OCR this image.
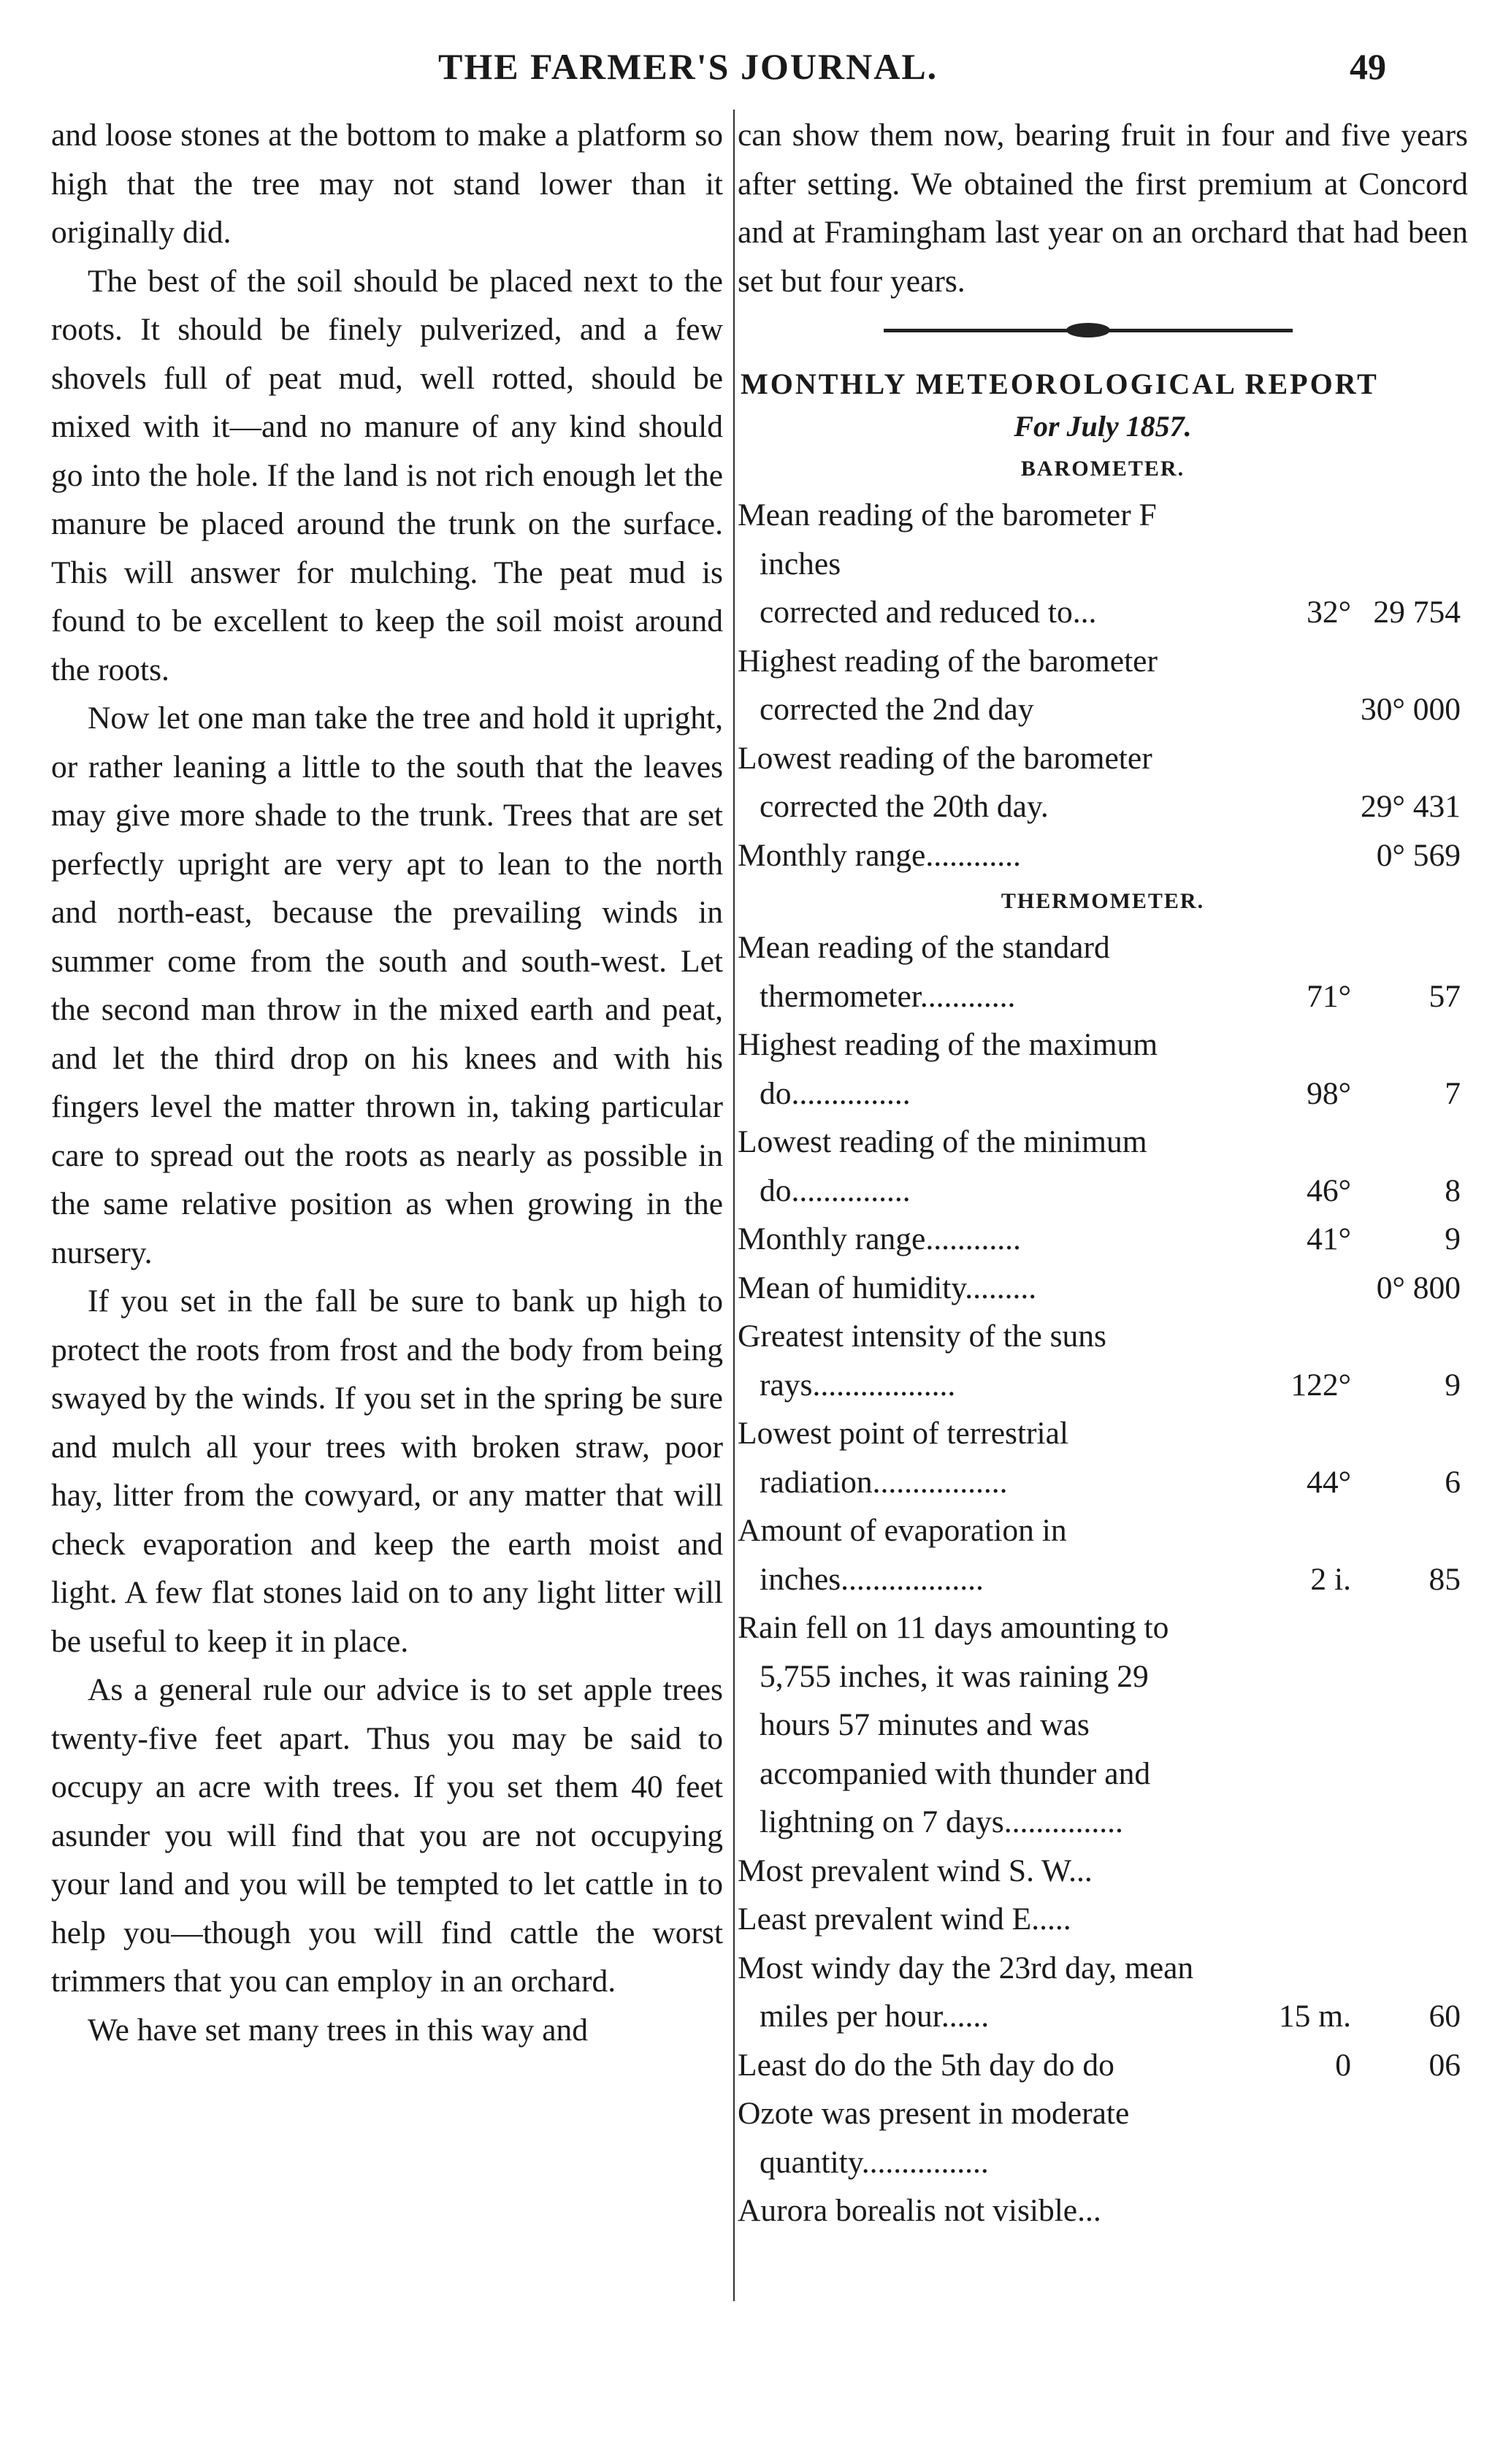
THE FARMER'S JOURNAL.	49

and loose stones at the bottom to make a platform so high that the tree may not stand lower than it originally did.

The best of the soil should be placed next to the roots. It should be finely pulverized, and a few shovels full of peat mud, well rotted, should be mixed with it—and no manure of any kind should go into the hole. If the land is not rich enough let the manure be placed around the trunk on the surface. This will answer for mulching. The peat mud is found to be excellent to keep the soil moist around the roots.

Now let one man take the tree and hold it upright, or rather leaning a little to the south that the leaves may give more shade to the trunk. Trees that are set perfectly upright are very apt to lean to the north and north-east, because the prevailing winds in summer come from the south and south-west. Let the second man throw in the mixed earth and peat, and let the third drop on his knees and with his fingers level the matter thrown in, taking particular care to spread out the roots as nearly as possible in the same relative position as when growing in the nursery.

If you set in the fall be sure to bank up high to protect the roots from frost and the body from being swayed by the winds. If you set in the spring be sure and mulch all your trees with broken straw, poor hay, litter from the cowyard, or any matter that will check evaporation and keep the earth moist and light. A few flat stones laid on to any light litter will be useful to keep it in place.

As a general rule our advice is to set apple trees twenty-five feet apart. Thus you may be said to occupy an acre with trees. If you set them 40 feet asunder you will find that you are not occupying your land and you will be tempted to let cattle in to help you—though you will find cattle the worst trimmers that you can employ in an orchard.

We have set many trees in this way and

can show them now, bearing fruit in four and five years after setting. We obtained the first premium at Concord and at Framingham last year on an orchard that had been set but four years.

MONTHLY METEOROLOGICAL REPORT
For July 1857.
BAROMETER.
Mean reading of the barometer F inches
corrected and reduced to...	32° 29 754
Highest reading of the barometer corrected the 2nd day	30° 000
Lowest reading of the barometer corrected the 20th day.	29° 431
Monthly range............	0° 569
THERMOMETER.
Mean reading of the standard thermometer............	71° 57
Highest reading of the maximum do...............	98°	7
Lowest reading of the minimum do...............	46°	8
Monthly range............	41°	9
Mean of humidity.........	0° 800
Greatest intensity of the suns rays..................	122°	9
Lowest point of terrestrial radiation.................	44°	6
Amount of evaporation in inches..................	2 i. 85
Rain fell on 11 days amounting to 5,755 inches, it was raining 29 hours 57 minutes and was accompanied with thunder and lightning on 7 days...............
Most prevalent wind S. W...
Least prevalent wind E.....
Most windy day the 23rd day, mean miles per hour......	15 m. 60
Least do do the 5th day do do	0 06
Ozote was present in moderate quantity................
Aurora borealis not visible...
